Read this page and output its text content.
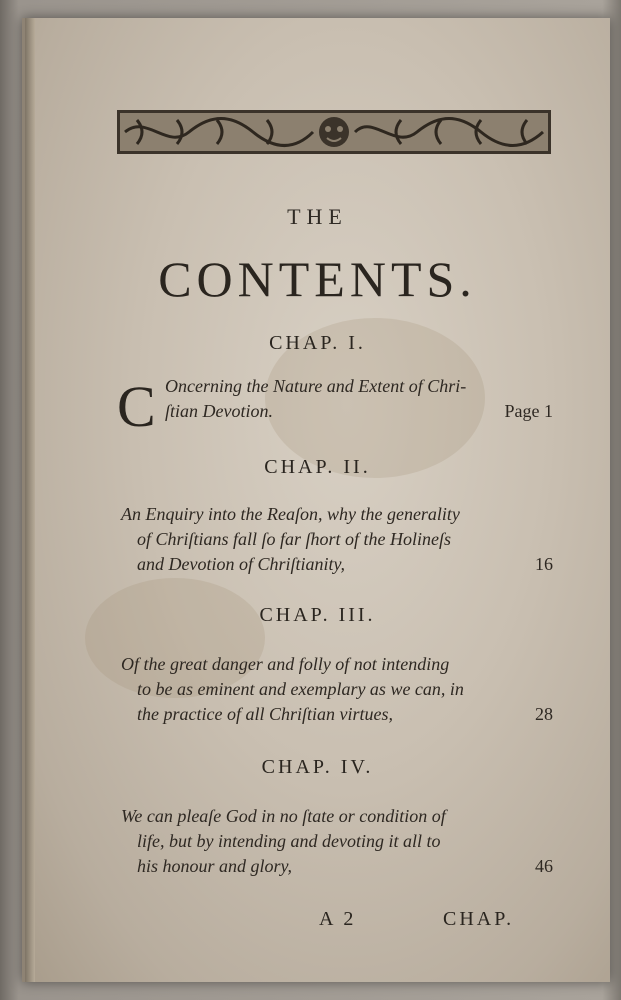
THE
CONTENTS.
CHAP. I.
C Oncerning the Nature and Extent of Chri-
ſtian Devotion.	Page 1
CHAP. II.
An Enquiry into the Reaſon, why the generality
of Chriſtians fall ſo far ſhort of the Holineſs
and Devotion of Chriſtianity,	16
CHAP. III.
Of the great danger and folly of not intending
to be as eminent and exemplary as we can, in
the practice of all Chriſtian virtues,	28
CHAP. IV.
We can pleaſe God in no ſtate or condition of
life, but by intending and devoting it all to
his honour and glory,	46
A 2	CHAP.
